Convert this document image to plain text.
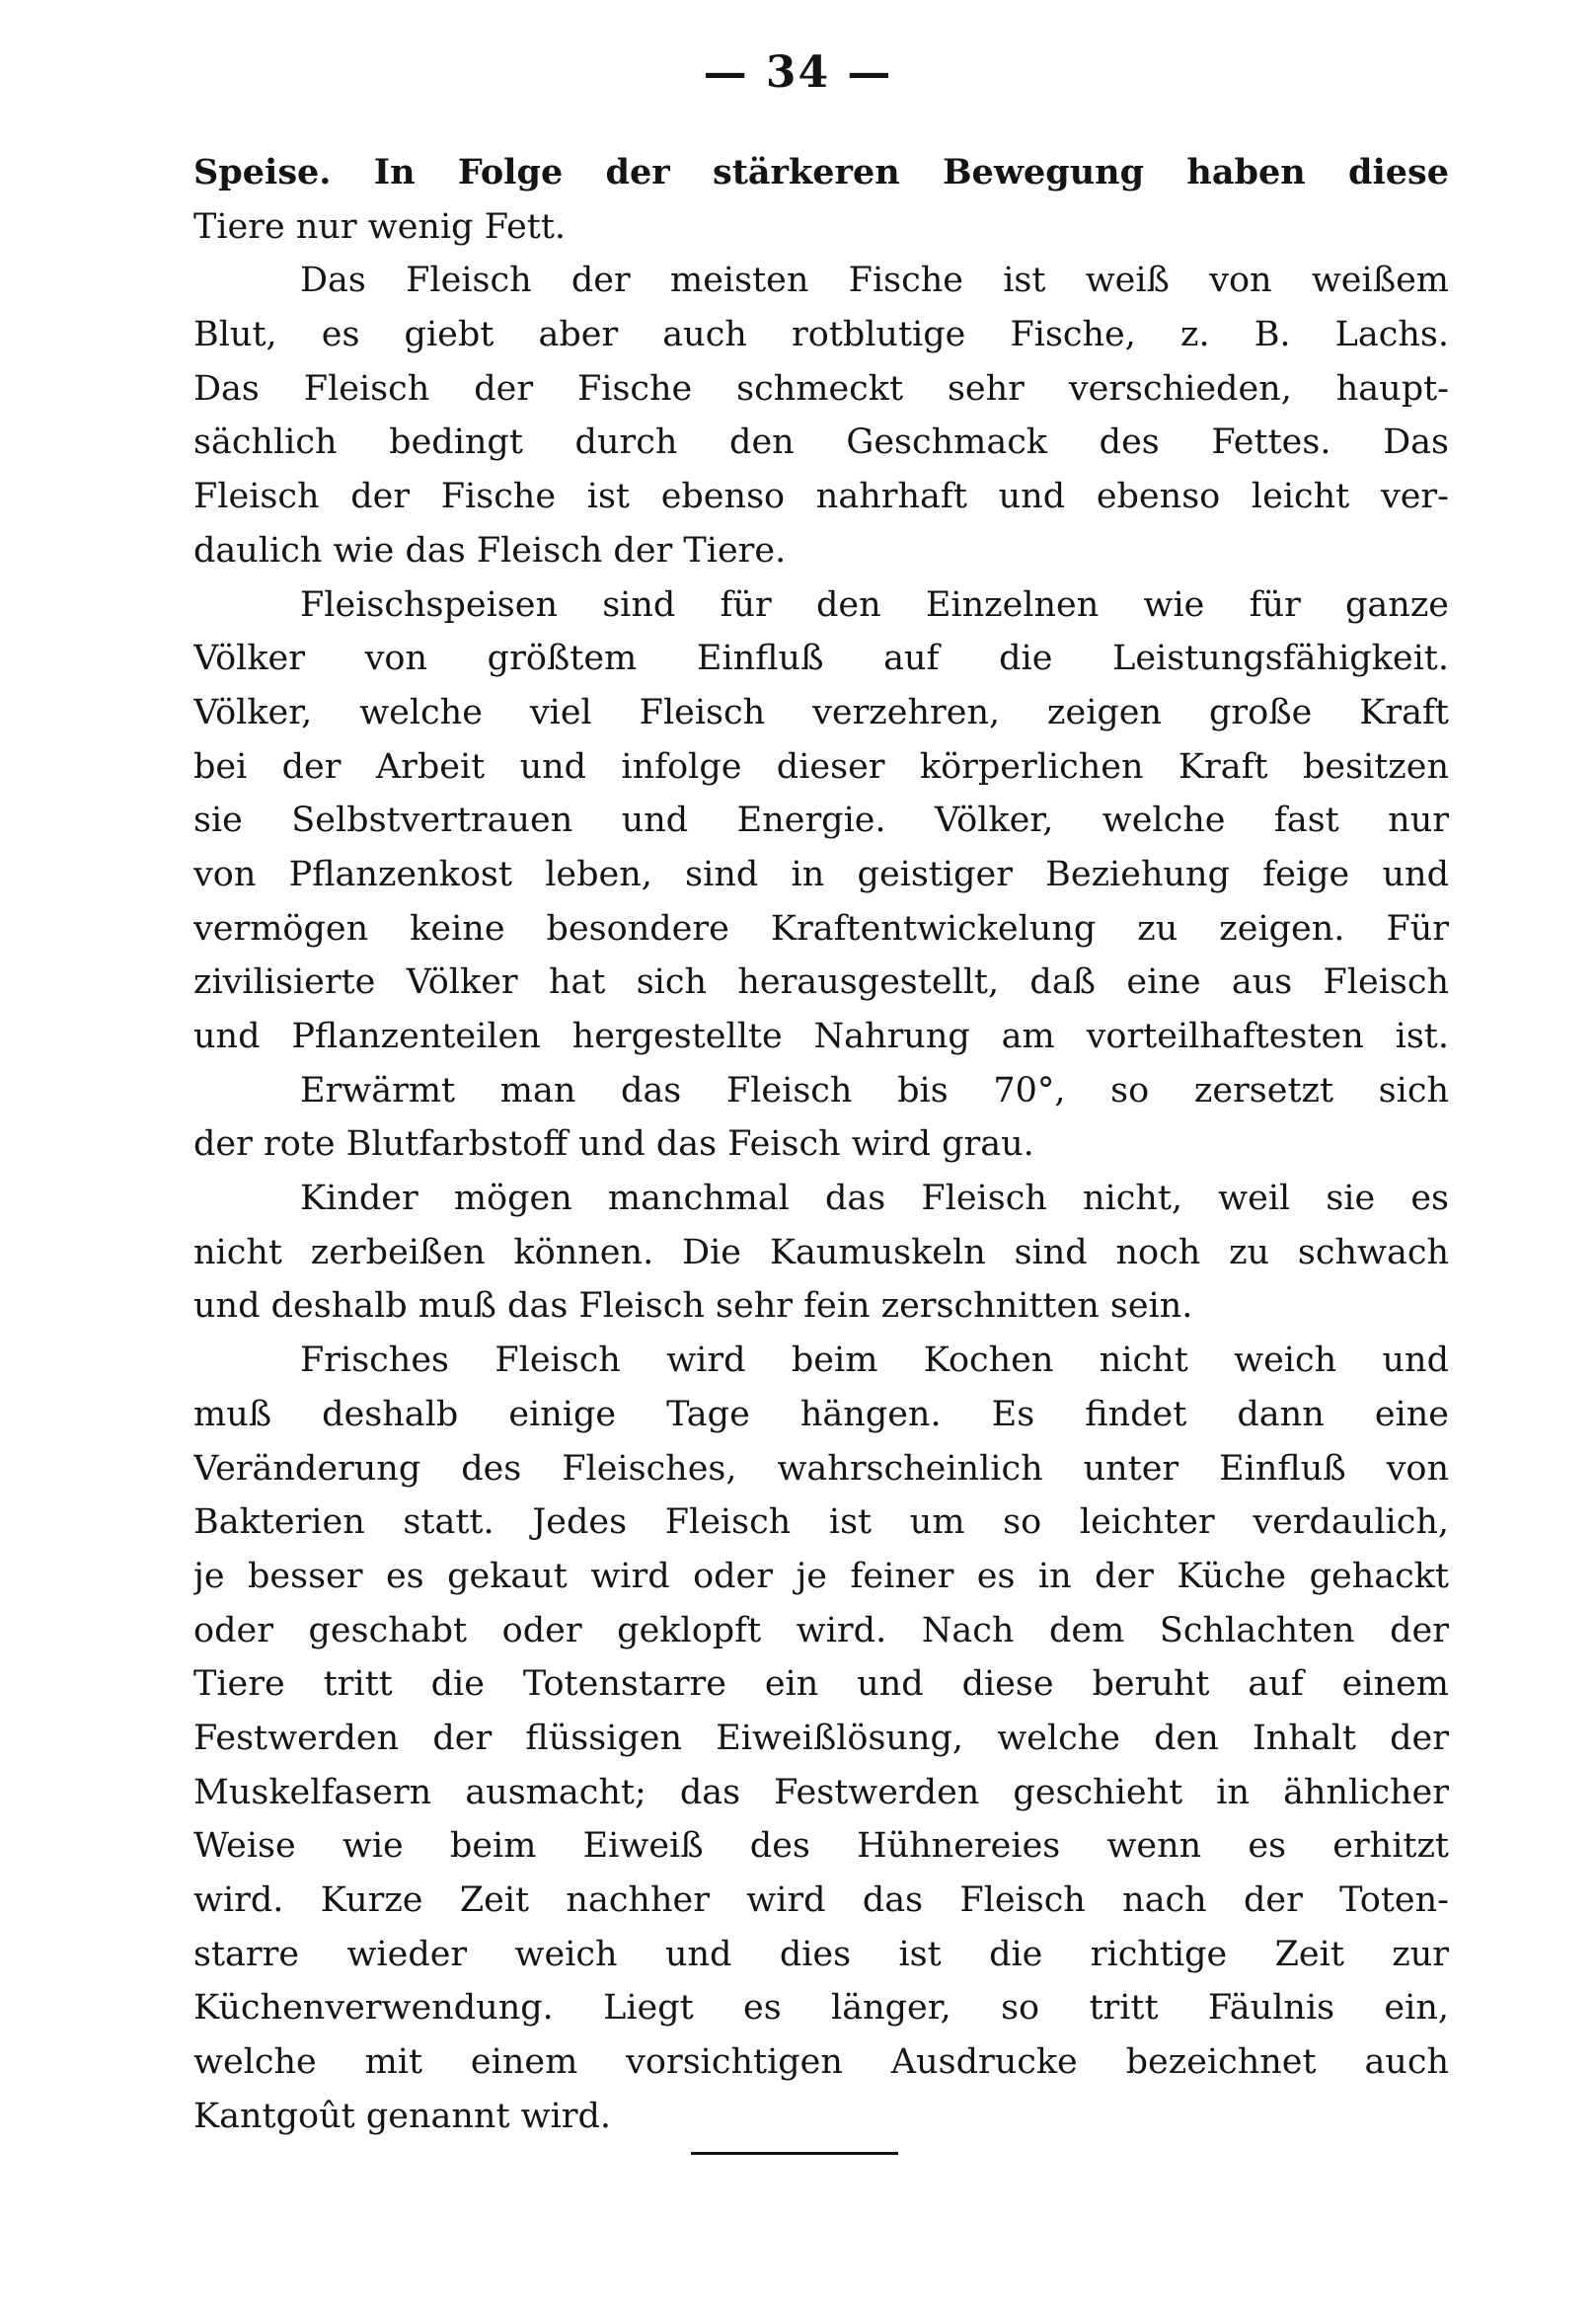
— 34 —
Speise. In Folge der stärkeren Bewegung haben diese
Tiere nur wenig Fett.
Das Fleisch der meisten Fische ist weiß von weißem
Blut, es giebt aber auch rotblutige Fische, z. B. Lachs.
Das Fleisch der Fische schmeckt sehr verschieden, haupt-
sächlich bedingt durch den Geschmack des Fettes. Das
Fleisch der Fische ist ebenso nahrhaft und ebenso leicht ver-
daulich wie das Fleisch der Tiere.
Fleischspeisen sind für den Einzelnen wie für ganze
Völker von größtem Einfluß auf die Leistungsfähigkeit.
Völker, welche viel Fleisch verzehren, zeigen große Kraft
bei der Arbeit und infolge dieser körperlichen Kraft besitzen
sie Selbstvertrauen und Energie. Völker, welche fast nur
von Pflanzenkost leben, sind in geistiger Beziehung feige und
vermögen keine besondere Kraftentwickelung zu zeigen. Für
zivilisierte Völker hat sich herausgestellt, daß eine aus Fleisch
und Pflanzenteilen hergestellte Nahrung am vorteilhaftesten ist.
Erwärmt man das Fleisch bis 70°, so zersetzt sich
der rote Blutfarbstoff und das Feisch wird grau.
Kinder mögen manchmal das Fleisch nicht, weil sie es
nicht zerbeißen können. Die Kaumuskeln sind noch zu schwach
und deshalb muß das Fleisch sehr fein zerschnitten sein.
Frisches Fleisch wird beim Kochen nicht weich und
muß deshalb einige Tage hängen. Es findet dann eine
Veränderung des Fleisches, wahrscheinlich unter Einfluß von
Bakterien statt. Jedes Fleisch ist um so leichter verdaulich,
je besser es gekaut wird oder je feiner es in der Küche gehackt
oder geschabt oder geklopft wird. Nach dem Schlachten der
Tiere tritt die Totenstarre ein und diese beruht auf einem
Festwerden der flüssigen Eiweißlösung, welche den Inhalt der
Muskelfasern ausmacht; das Festwerden geschieht in ähnlicher
Weise wie beim Eiweiß des Hühnereies wenn es erhitzt
wird. Kurze Zeit nachher wird das Fleisch nach der Toten-
starre wieder weich und dies ist die richtige Zeit zur
Küchenverwendung. Liegt es länger, so tritt Fäulnis ein,
welche mit einem vorsichtigen Ausdrucke bezeichnet auch
Kantgoût genannt wird.
